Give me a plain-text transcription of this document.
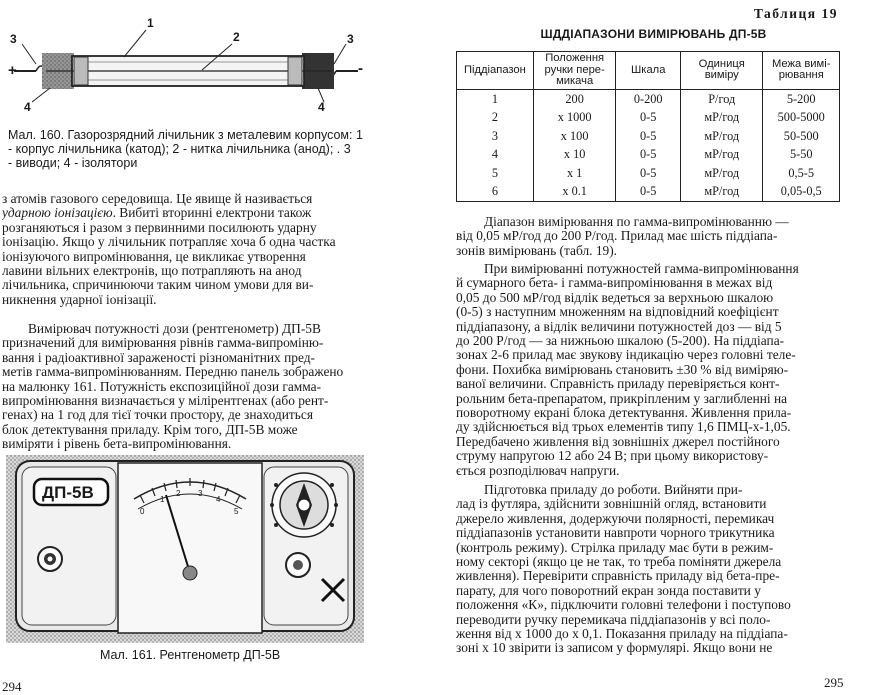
1
2
3	3
4	4
+	-
Мал. 160. Газорозрядний лічильник з металевим корпусом: 1
- корпус лічильника (катод); 2 - нитка лічильника (анод); . 3
- виводи; 4 - ізолятори
з атомів газового середовища. Це явище й називається
ударною іонізацією. Вибиті вторинні електрони також
розганяються і разом з первинними посилюють ударну
іонізацію. Якщо у лічильник потрапляє хоча б одна частка
іонізуючого випромінювання, це викликає утворення
лавини вільних електронів, що потрапляють на анод
лічильника, спричинюючи таким чином умови для ви-
никнення ударної іонізації.
Вимірювач потужності дози (рентгенометр) ДП-5В
призначений для вимірювання рівнів гамма-випроміню-
вання і радіоактивної зараженості різноманітних пред-
метів гамма-випромінюванням. Передню панель зображено
на малюнку 161. Потужність експозиційної дози гамма-
випромінювання визначається у мілірентгенах (або рент-
генах) на 1 год для тієї точки простору, де знаходиться
блок детектування приладу. Крім того, ДП-5В може
виміряти і рівень бета-випромінювання.
ДП-5В
0
1
2 3
4
5
Мал. 161. Рентгенометр ДП-5В
294
Таблиця 19
ШДДІАПАЗОНИ ВИМІРЮВАНЬ ДП-5В
Піддіапазон	Положення ручки перемикача	Шкала	Одиниця виміру	Межа вимірювання
1	200	0-200	Р/год	5-200
2	х 1000	0-5	мР/год	500-5000
3	х 100	0-5	мР/год	50-500
4	х 10	0-5	мР/год	5-50
5	х 1	0-5	мР/год	0,5-5
6	х 0.1	0-5	мР/год	0,05-0,5
Діапазон вимірювання по гамма-випромінюванню —
від 0,05 мР/год до 200 Р/год. Прилад має шість піддіапа-
зонів вимірювань (табл. 19).
При вимірюванні потужностей гамма-випромінювання
й сумарного бета- і гамма-випромінювання в межах від
0,05 до 500 мР/год відлік ведеться за верхньою шкалою
(0-5) з наступним множенням на відповідний коефіцієнт
піддіапазону, а відлік величини потужностей доз — від 5
до 200 Р/год — за нижньою шкалою (5-200). На піддіапа-
зонах 2-6 прилад має звукову індикацію через головні теле-
фони. Похибка вимірювань становить ±30 % від виміряю-
ваної величини. Справність приладу перевіряється конт-
рольним бета-препаратом, прикріпленим у заглибленні на
поворотному екрані блока детектування. Живлення прила-
ду здійснюється від трьох елементів типу 1,6 ПМЦ-х-1,05.
Передбачено живлення від зовнішніх джерел постійного
струму напругою 12 або 24 В; при цьому використову-
ється розподілювач напруги.
Підготовка приладу до роботи. Вийняти при-
лад із футляра, здійснити зовнішній огляд, встановити
джерело живлення, додержуючи полярності, перемикач
піддіапазонів установити навпроти чорного трикутника
(контроль режиму). Стрілка приладу має бути в режим-
ному секторі (якщо це не так, то треба поміняти джерела
живлення). Перевірити справність приладу від бета-пре-
парату, для чого поворотний екран зонда поставити у
положення «К», підключити головні телефони і поступово
переводити ручку перемикача піддіапазонів у всі поло-
ження від х 1000 до х 0,1. Показання приладу на піддіапа-
зоні х 10 звірити із записом у формулярі. Якщо вони не
295
